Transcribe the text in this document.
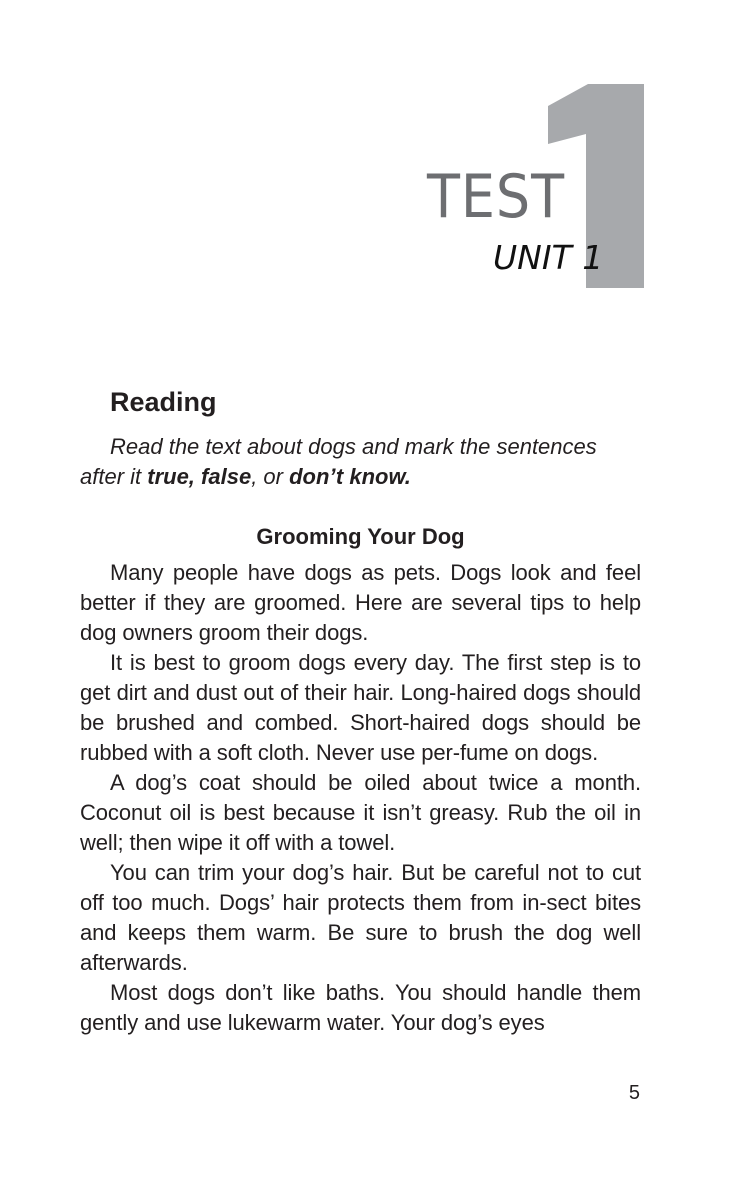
TEST
UNIT 1
Reading

Read the text about dogs and mark the sentences after it true, false, or don’t know.

Grooming Your Dog

Many people have dogs as pets. Dogs look and feel better if they are groomed. Here are several tips to help dog owners groom their dogs.

It is best to groom dogs every day. The first step is to get dirt and dust out of their hair. Long-haired dogs should be brushed and combed. Short-haired dogs should be rubbed with a soft cloth. Never use per-fume on dogs.

A dog’s coat should be oiled about twice a month. Coconut oil is best because it isn’t greasy. Rub the oil in well; then wipe it off with a towel.

You can trim your dog’s hair. But be careful not to cut off too much. Dogs’ hair protects them from in-sect bites and keeps them warm. Be sure to brush the dog well afterwards.

Most dogs don’t like baths. You should handle them gently and use lukewarm water. Your dog’s eyes

5
